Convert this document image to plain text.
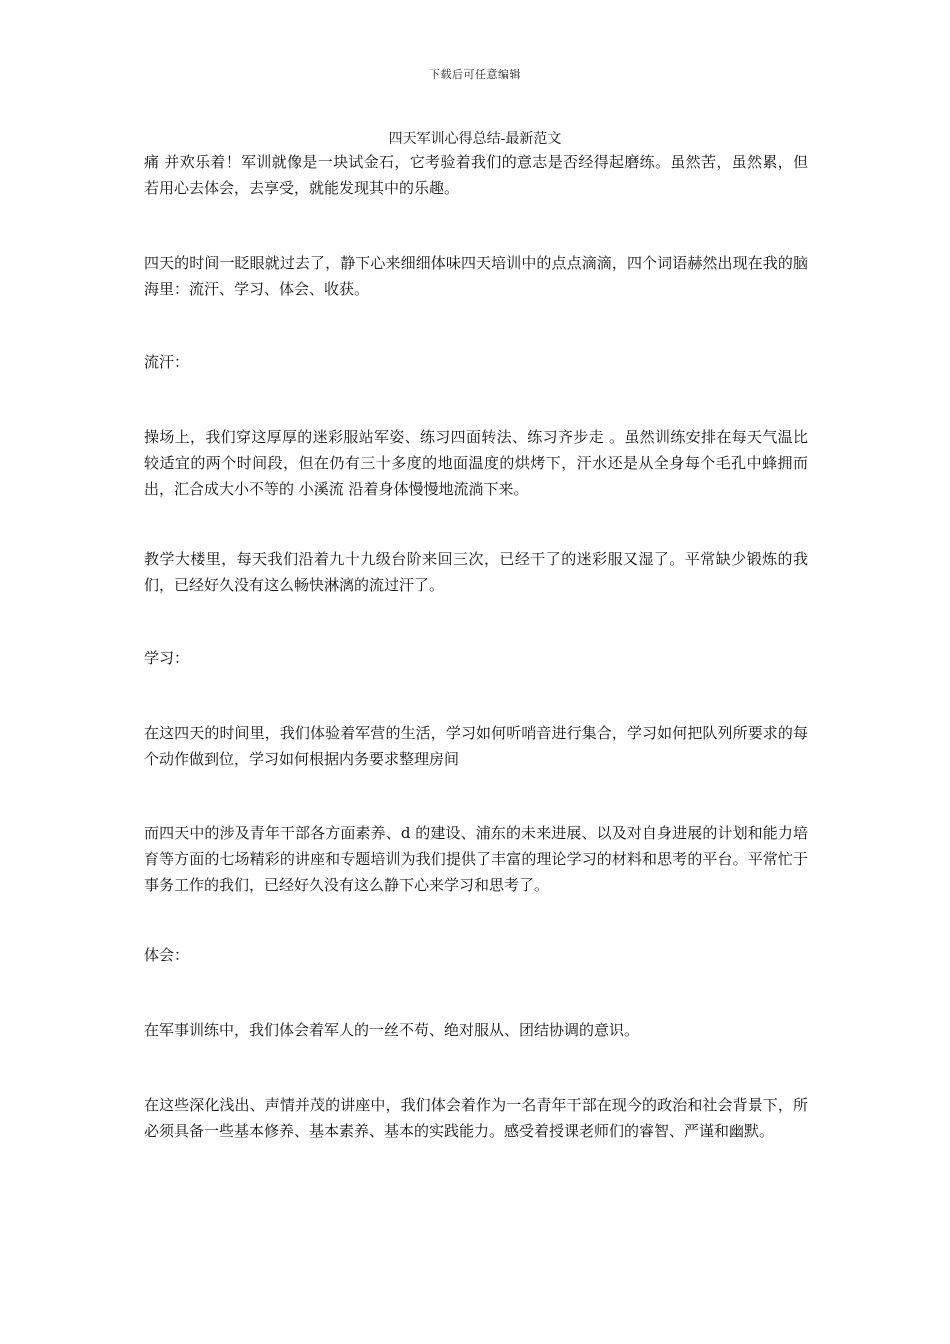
下载后可任意编辑
四天军训心得总结-最新范文

痛 并欢乐着！军训就像是一块试金石，它考验着我们的意志是否经得起磨练。虽然苦，虽然累，但若用心去体会，去享受，就能发现其中的乐趣。

四天的时间一眨眼就过去了，静下心来细细体味四天培训中的点点滴滴，四个词语赫然出现在我的脑海里：流汗、学习、体会、收获。

流汗：

操场上，我们穿这厚厚的迷彩服站军姿、练习四面转法、练习齐步走 。虽然训练安排在每天气温比较适宜的两个时间段，但在仍有三十多度的地面温度的烘烤下，汗水还是从全身每个毛孔中蜂拥而出，汇合成大小不等的 小溪流 沿着身体慢慢地流淌下来。

教学大楼里，每天我们沿着九十九级台阶来回三次，已经干了的迷彩服又湿了。平常缺少锻炼的我们，已经好久没有这么畅快淋漓的流过汗了。

学习：

在这四天的时间里，我们体验着军营的生活，学习如何听哨音进行集合，学习如何把队列所要求的每个动作做到位，学习如何根据内务要求整理房间

而四天中的涉及青年干部各方面素养、d 的建设、浦东的未来进展、以及对自身进展的计划和能力培育等方面的七场精彩的讲座和专题培训为我们提供了丰富的理论学习的材料和思考的平台。平常忙于事务工作的我们，已经好久没有这么静下心来学习和思考了。

体会：

在军事训练中，我们体会着军人的一丝不苟、绝对服从、团结协调的意识。

在这些深化浅出、声情并茂的讲座中，我们体会着作为一名青年干部在现今的政治和社会背景下，所必须具备一些基本修养、基本素养、基本的实践能力。感受着授课老师们的睿智、严谨和幽默。
